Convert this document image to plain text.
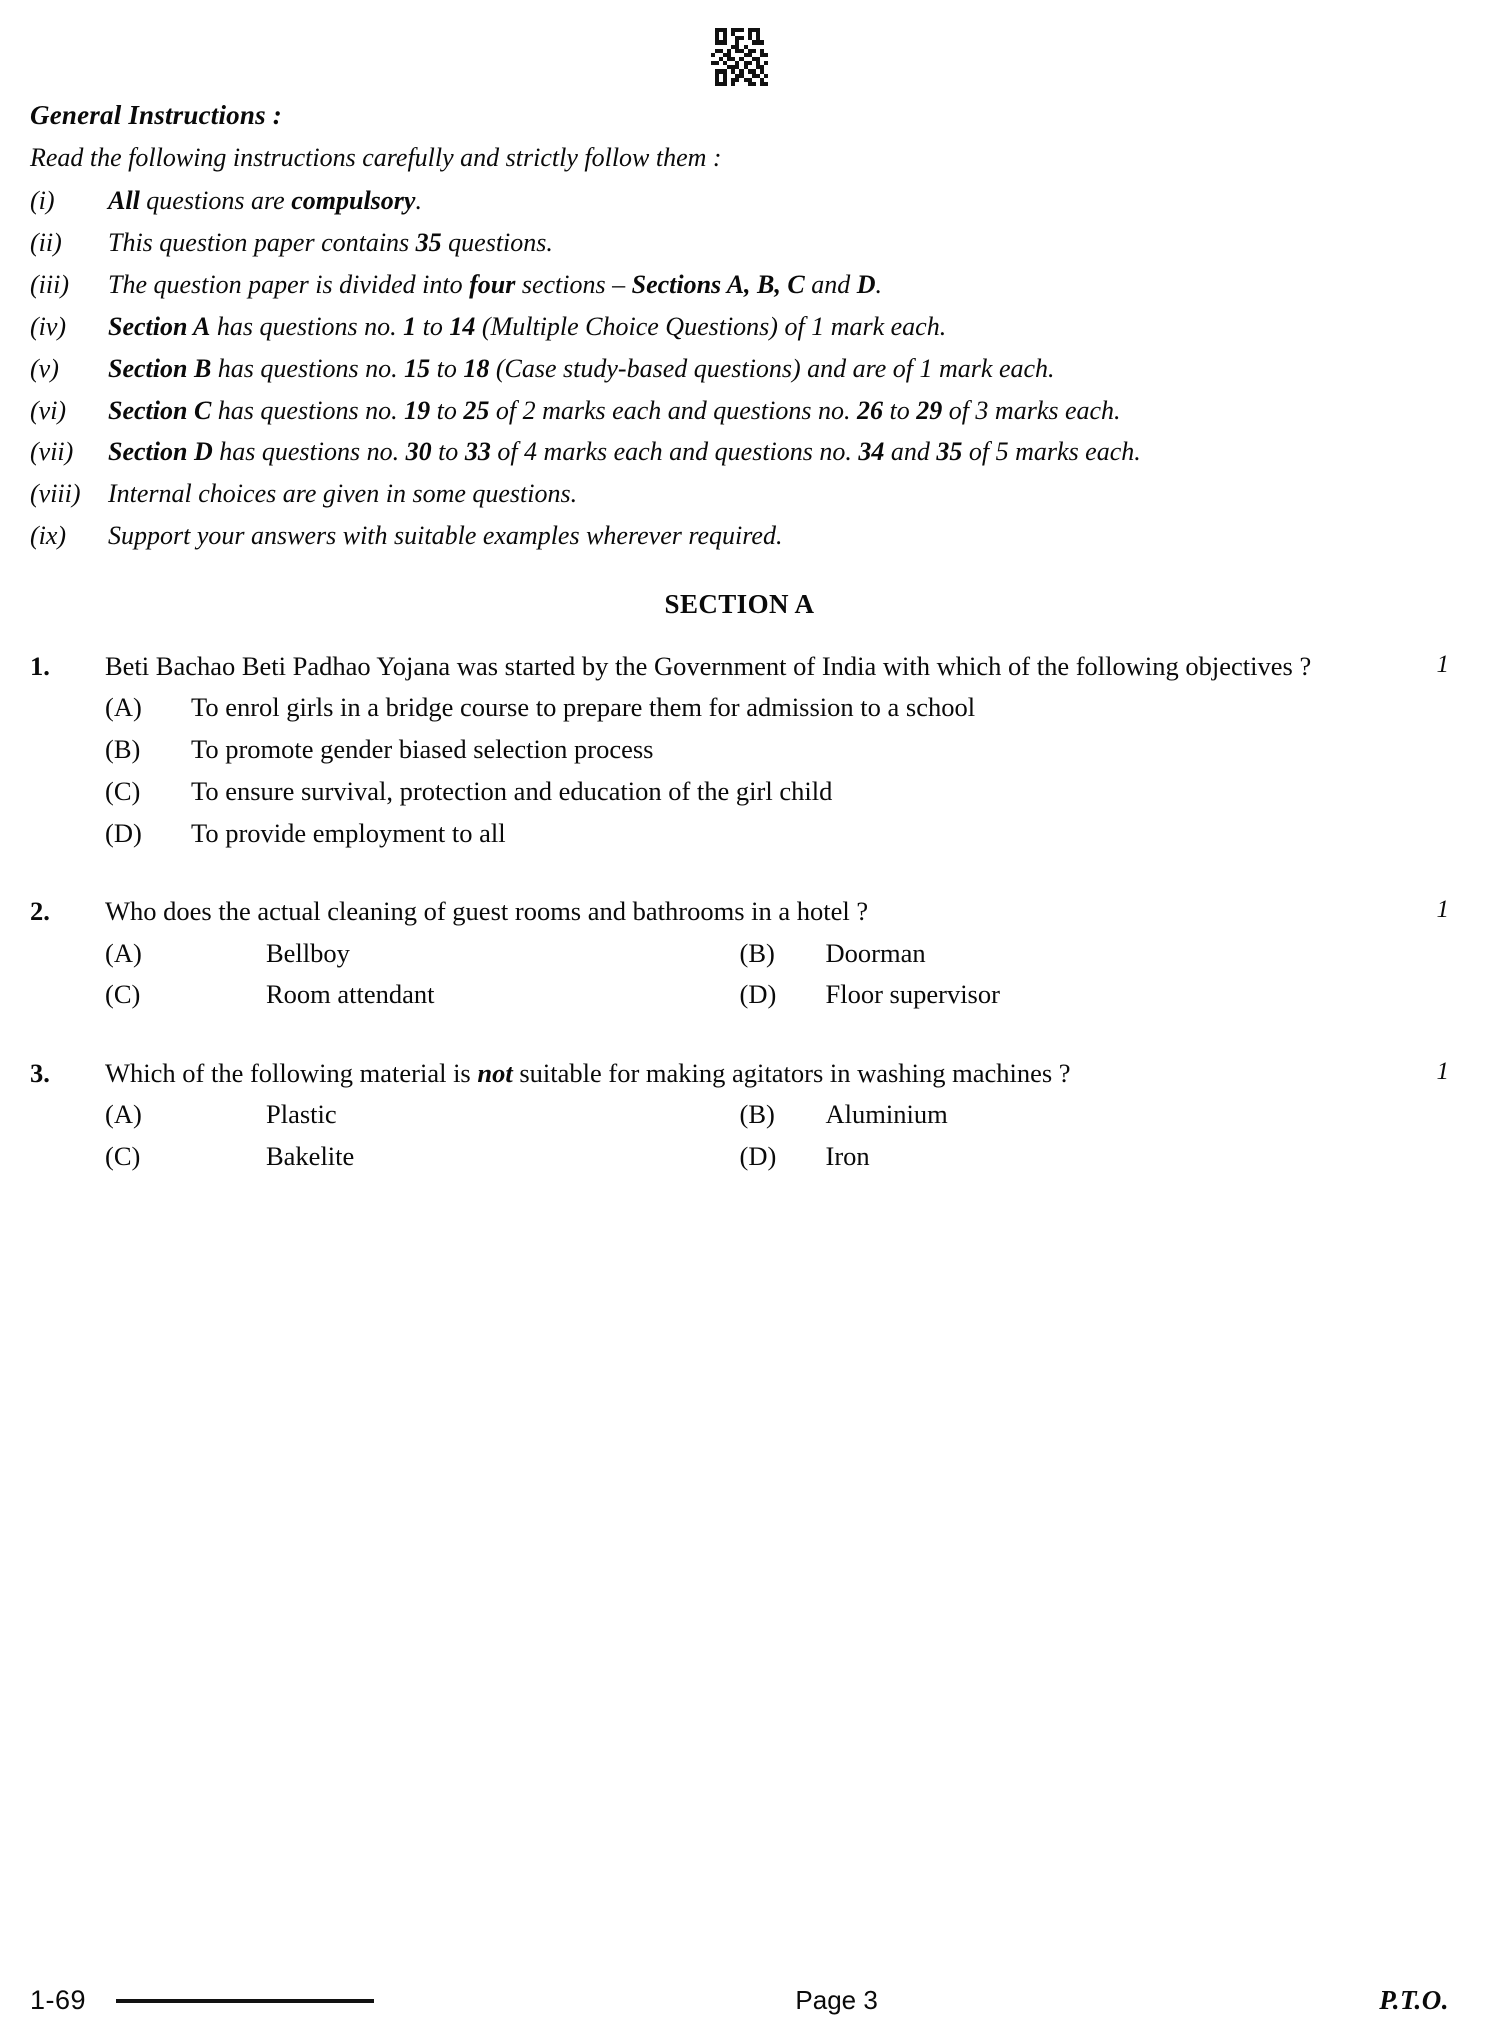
General Instructions :
Read the following instructions carefully and strictly follow them :
(i)	All questions are compulsory.
(ii)	This question paper contains 35 questions.
(iii)	The question paper is divided into four sections – Sections A, B, C and D.
(iv)	Section A has questions no. 1 to 14 (Multiple Choice Questions) of 1 mark each.
(v)	Section B has questions no. 15 to 18 (Case study-based questions) and are of 1 mark each.
(vi)	Section C has questions no. 19 to 25 of 2 marks each and questions no. 26 to 29 of 3 marks each.
(vii)	Section D has questions no. 30 to 33 of 4 marks each and questions no. 34 and 35 of 5 marks each.
(viii)	Internal choices are given in some questions.
(ix)	Support your answers with suitable examples wherever required.
SECTION A
1.	Beti Bachao Beti Padhao Yojana was started by the Government of India with which of the following objectives ?	1
(A)	To enrol girls in a bridge course to prepare them for admission to a school
(B)	To promote gender biased selection process
(C)	To ensure survival, protection and education of the girl child
(D)	To provide employment to all
2.	Who does the actual cleaning of guest rooms and bathrooms in a hotel ?	1
(A)	Bellboy	(B)	Doorman
(C)	Room attendant	(D)	Floor supervisor
3.	Which of the following material is not suitable for making agitators in washing machines ?	1
(A)	Plastic	(B)	Aluminium
(C)	Bakelite	(D)	Iron
1-69	Page 3	P.T.O.
